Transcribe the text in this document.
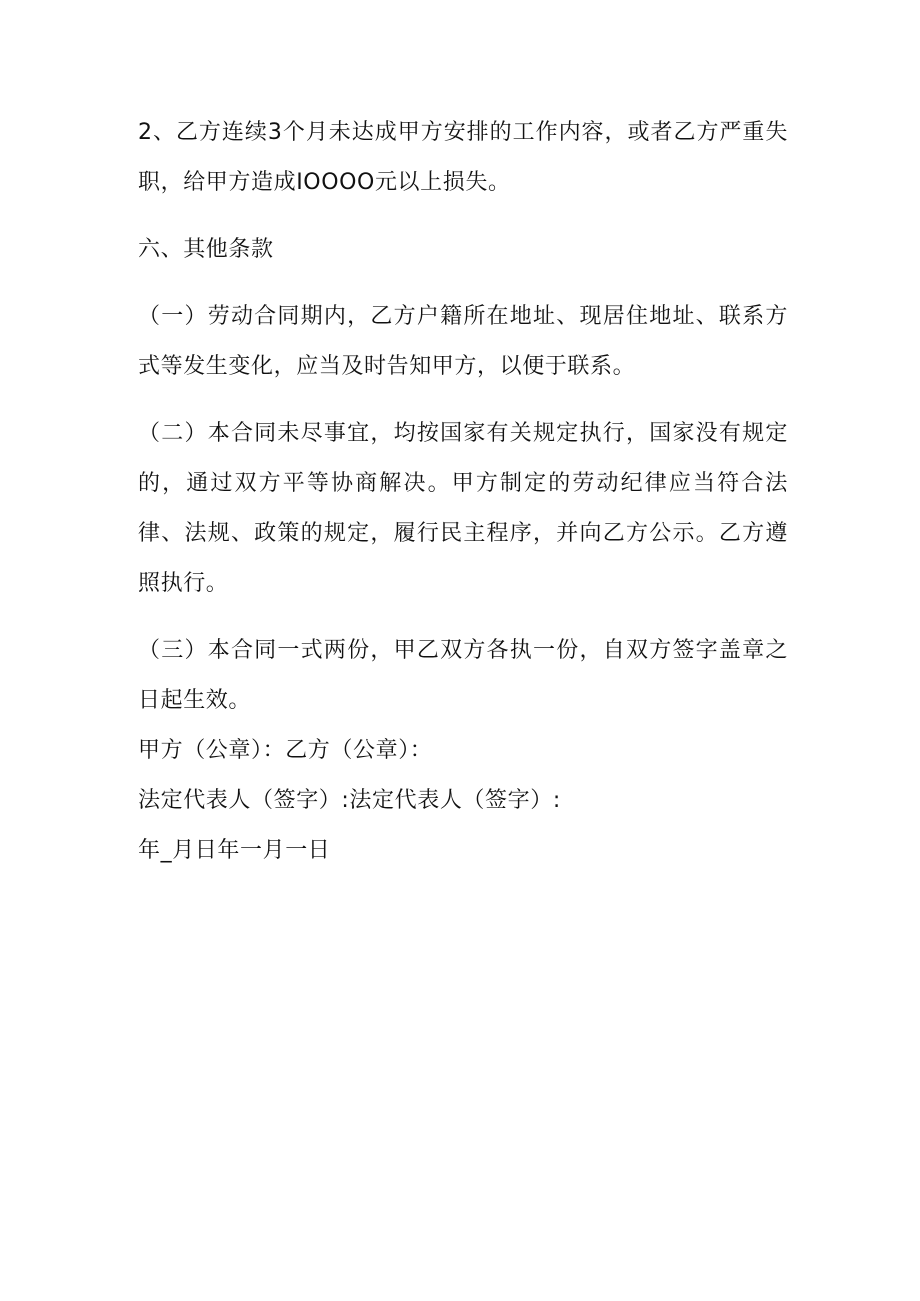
2、乙方连续3个月未达成甲方安排的工作内容，或者乙方严重失职，给甲方造成IOOOO元以上损失。

六、其他条款

（一）劳动合同期内，乙方户籍所在地址、现居住地址、联系方式等发生变化，应当及时告知甲方，以便于联系。

（二）本合同未尽事宜，均按国家有关规定执行，国家没有规定的，通过双方平等协商解决。甲方制定的劳动纪律应当符合法律、法规、政策的规定，履行民主程序，并向乙方公示。乙方遵照执行。

（三）本合同一式两份，甲乙双方各执一份，自双方签字盖章之日起生效。

甲方（公章）：乙方（公章）：

法定代表人（签字）:法定代表人（签字）:

年_月日年一月一日
